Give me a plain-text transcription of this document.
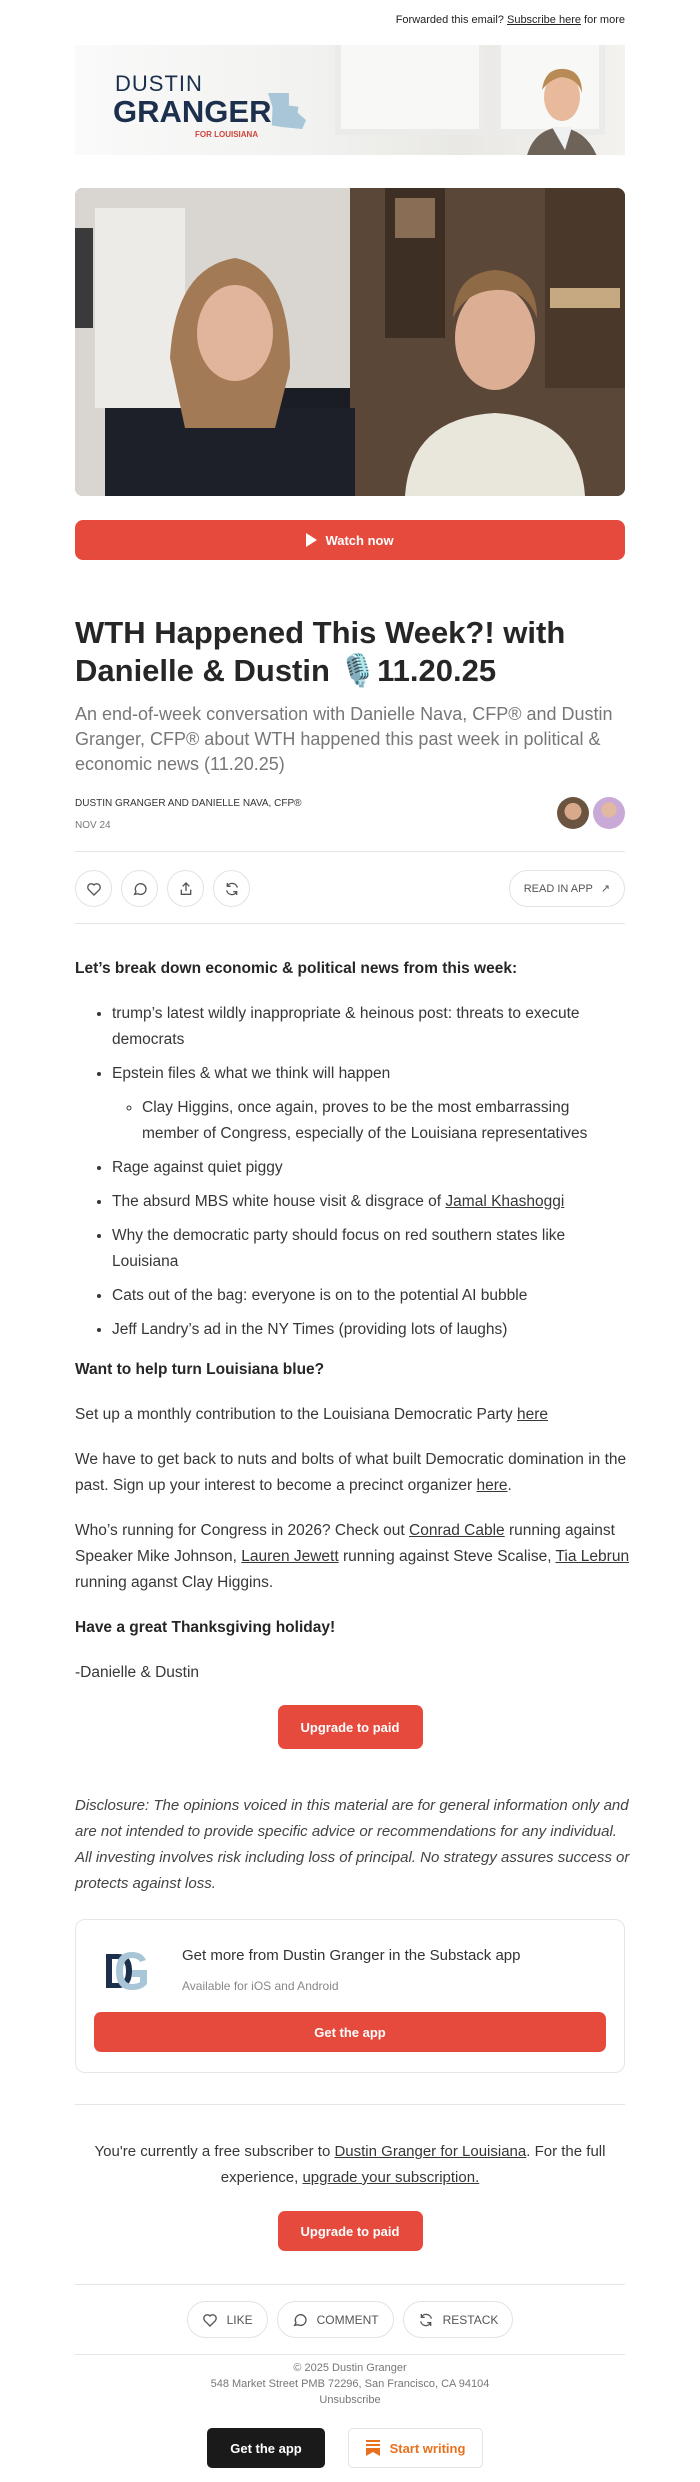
Forwarded this email? Subscribe here for more
DUSTIN
GRANGER
FOR LOUISIANA
Watch now
WTH Happened This Week?! with Danielle & Dustin 🎙️11.20.25
An end-of-week conversation with Danielle Nava, CFP® and Dustin Granger, CFP® about WTH happened this past week in political & economic news (11.20.25)
DUSTIN GRANGER AND DANIELLE NAVA, CFP®
NOV 24
READ IN APP ↗

Let’s break down economic & political news from this week:

• trump’s latest wildly inappropriate & heinous post: threats to execute democrats
• Epstein files & what we think will happen
◦ Clay Higgins, once again, proves to be the most embarrassing member of Congress, especially of the Louisiana representatives
• Rage against quiet piggy
• The absurd MBS white house visit & disgrace of Jamal Khashoggi
• Why the democratic party should focus on red southern states like Louisiana
• Cats out of the bag: everyone is on to the potential AI bubble
• Jeff Landry’s ad in the NY Times (providing lots of laughs)

Want to help turn Louisiana blue?

Set up a monthly contribution to the Louisiana Democratic Party here

We have to get back to nuts and bolts of what built Democratic domination in the past. Sign up your interest to become a precinct organizer here.

Who’s running for Congress in 2026? Check out Conrad Cable running against Speaker Mike Johnson, Lauren Jewett running against Steve Scalise, Tia Lebrun running aganst Clay Higgins.

Have a great Thanksgiving holiday!

-Danielle & Dustin

Upgrade to paid
Disclosure: The opinions voiced in this material are for general information only and are not intended to provide specific advice or recommendations for any individual. All investing involves risk including loss of principal. No strategy assures success or protects against loss.
Get more from Dustin Granger in the Substack app
Available for iOS and Android
Get the app
You're currently a free subscriber to Dustin Granger for Louisiana. For the full experience, upgrade your subscription.
Upgrade to paid
LIKE	COMMENT	RESTACK
© 2025 Dustin Granger
548 Market Street PMB 72296, San Francisco, CA 94104
Unsubscribe
Get the app	Start writing
